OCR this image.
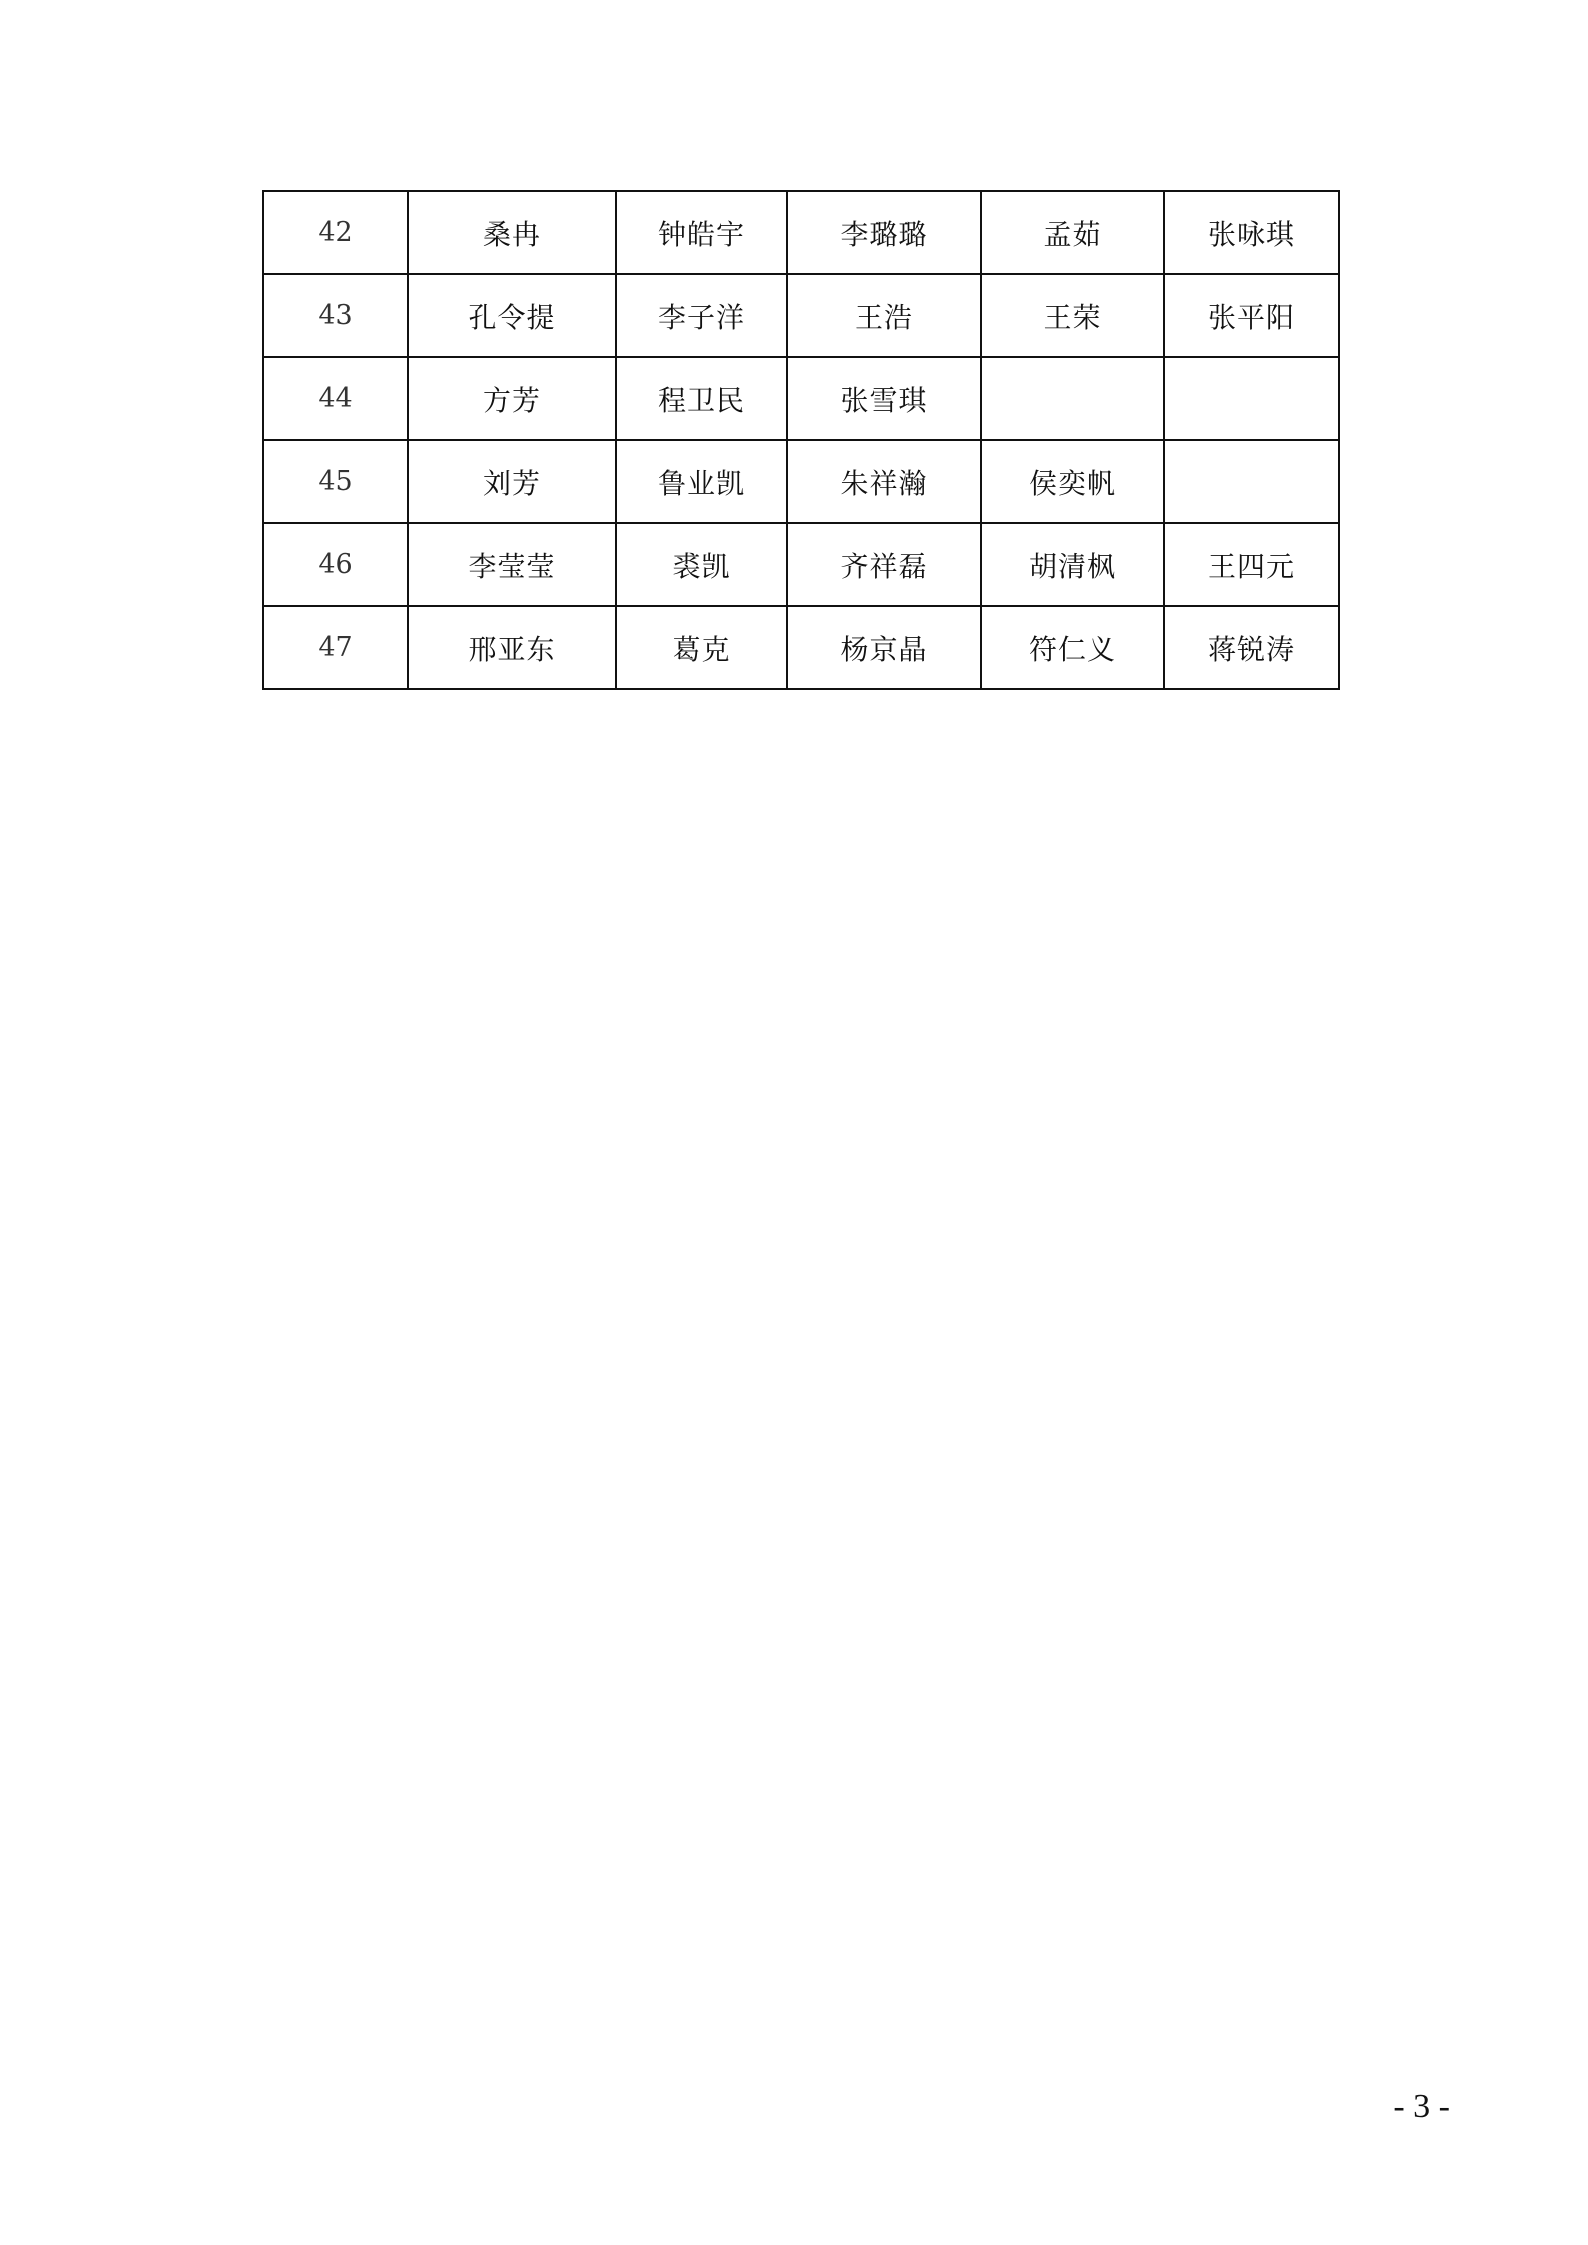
42	桑冉	钟皓宇	李璐璐	孟茹	张咏琪
43	孔令提	李子洋	王浩	王荣	张平阳
44	方芳	程卫民	张雪琪		
45	刘芳	鲁业凯	朱祥瀚	侯奕帆	
46	李莹莹	裘凯	齐祥磊	胡清枫	王四元
47	邢亚东	葛克	杨京晶	符仁义	蒋锐涛
- 3 -
